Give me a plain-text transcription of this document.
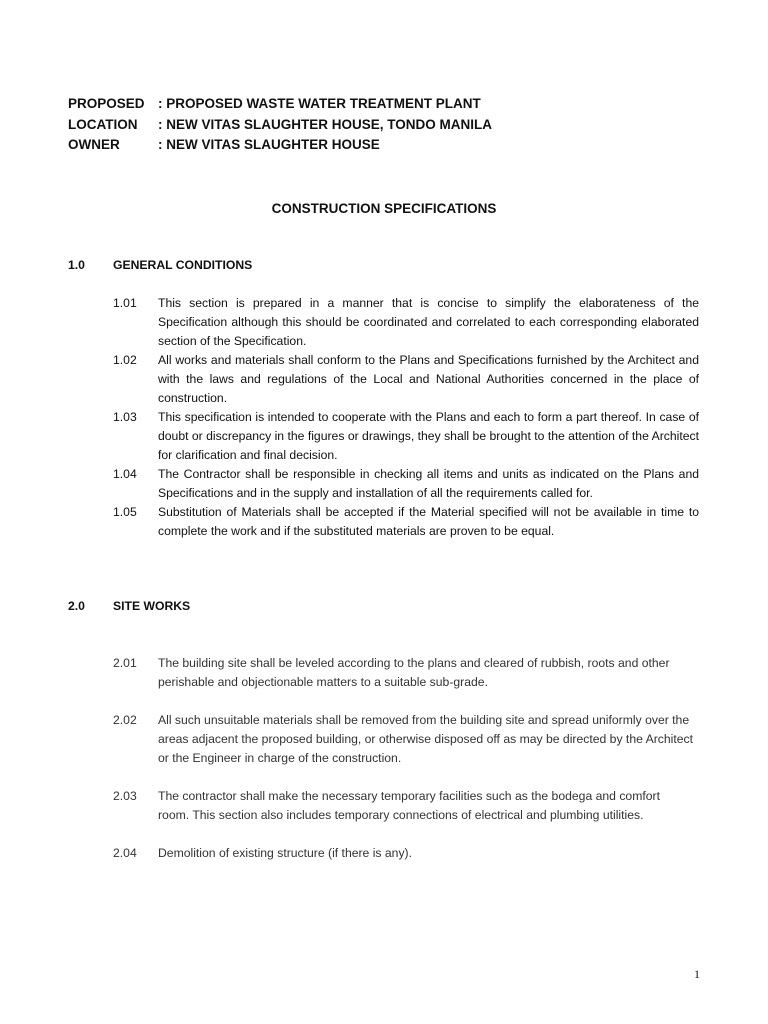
PROPOSED : PROPOSED WASTE WATER TREATMENT PLANT
LOCATION	: NEW VITAS SLAUGHTER HOUSE, TONDO MANILA
OWNER	: NEW VITAS SLAUGHTER HOUSE
CONSTRUCTION SPECIFICATIONS
1.0	GENERAL CONDITIONS
1.01	This section is prepared in a manner that is concise to simplify the elaborateness of the Specification although this should be coordinated and correlated to each corresponding elaborated section of the Specification.
1.02	All works and materials shall conform to the Plans and Specifications furnished by the Architect and with the laws and regulations of the Local and National Authorities concerned in the place of construction.
1.03	This specification is intended to cooperate with the Plans and each to form a part thereof. In case of doubt or discrepancy in the figures or drawings, they shall be brought to the attention of the Architect for clarification and final decision.
1.04	The Contractor shall be responsible in checking all items and units as indicated on the Plans and Specifications and in the supply and installation of all the requirements called for.
1.05	Substitution of Materials shall be accepted if the Material specified will not be available in time to complete the work and if the substituted materials are proven to be equal.
2.0	SITE WORKS
2.01	The building site shall be leveled according to the plans and cleared of rubbish, roots and other perishable and objectionable matters to a suitable sub-grade.
2.02	All such unsuitable materials shall be removed from the building site and spread uniformly over the areas adjacent the proposed building, or otherwise disposed off as may be directed by the Architect or the Engineer in charge of the construction.
2.03	The contractor shall make the necessary temporary facilities such as the bodega and comfort room. This section also includes temporary connections of electrical and plumbing utilities.
2.04	Demolition of existing structure (if there is any).
1
